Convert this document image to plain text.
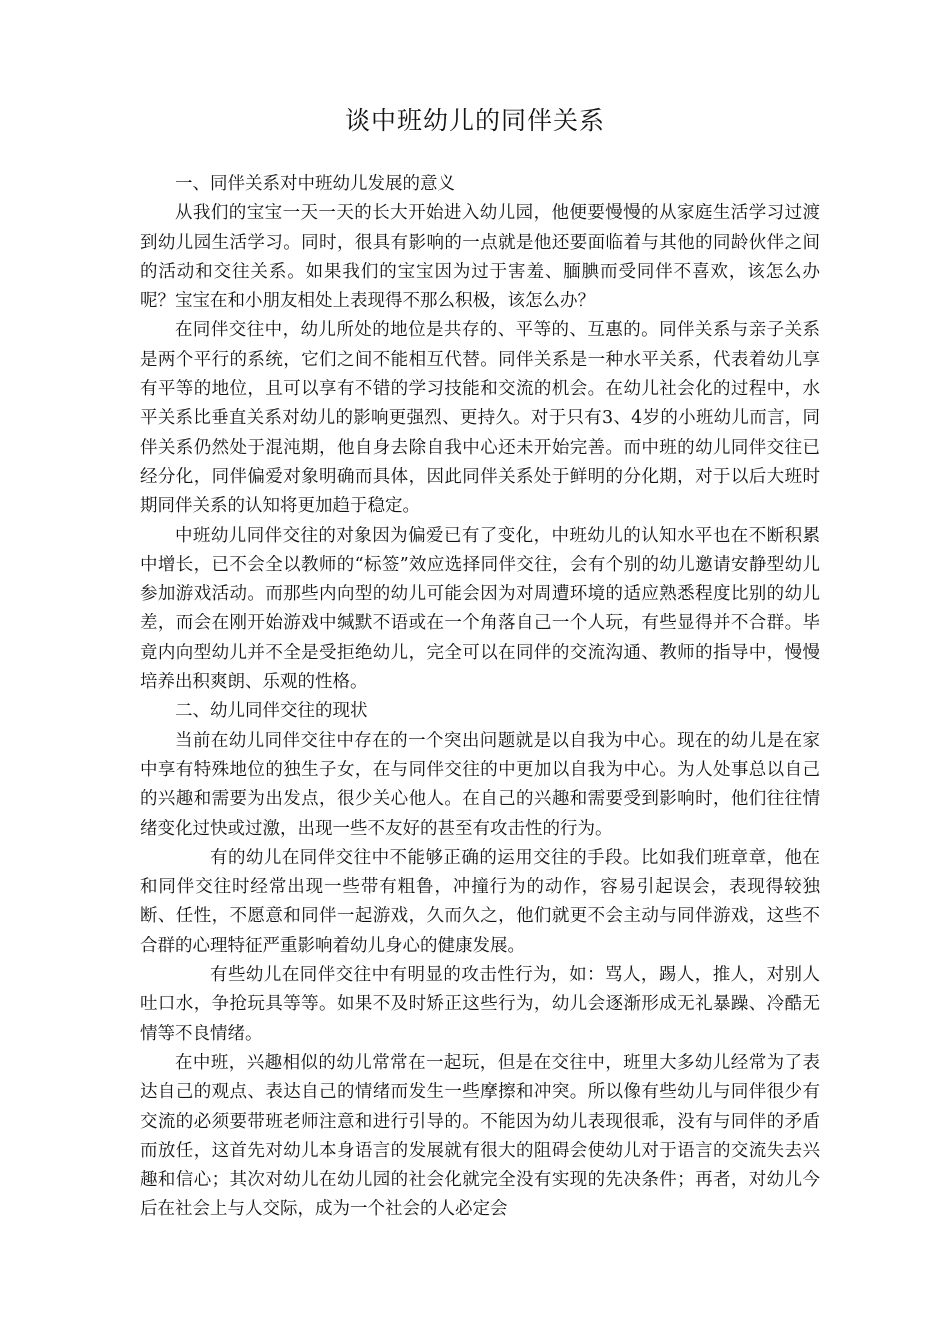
谈中班幼儿的同伴关系

一、同伴关系对中班幼儿发展的意义

从我们的宝宝一天一天的长大开始进入幼儿园，他便要慢慢的从家庭生活学习过渡到幼儿园生活学习。同时，很具有影响的一点就是他还要面临着与其他的同龄伙伴之间的活动和交往关系。如果我们的宝宝因为过于害羞、腼腆而受同伴不喜欢，该怎么办呢？宝宝在和小朋友相处上表现得不那么积极，该怎么办？

在同伴交往中，幼儿所处的地位是共存的、平等的、互惠的。同伴关系与亲子关系是两个平行的系统，它们之间不能相互代替。同伴关系是一种水平关系，代表着幼儿享有平等的地位，且可以享有不错的学习技能和交流的机会。在幼儿社会化的过程中，水平关系比垂直关系对幼儿的影响更强烈、更持久。对于只有3、4岁的小班幼儿而言，同伴关系仍然处于混沌期，他自身去除自我中心还未开始完善。而中班的幼儿同伴交往已经分化，同伴偏爱对象明确而具体，因此同伴关系处于鲜明的分化期，对于以后大班时期同伴关系的认知将更加趋于稳定。

中班幼儿同伴交往的对象因为偏爱已有了变化，中班幼儿的认知水平也在不断积累中增长，已不会全以教师的“标签”效应选择同伴交往，会有个别的幼儿邀请安静型幼儿参加游戏活动。而那些内向型的幼儿可能会因为对周遭环境的适应熟悉程度比别的幼儿差，而会在刚开始游戏中缄默不语或在一个角落自己一个人玩，有些显得并不合群。毕竟内向型幼儿并不全是受拒绝幼儿，完全可以在同伴的交流沟通、教师的指导中，慢慢培养出积爽朗、乐观的性格。

二、幼儿同伴交往的现状

当前在幼儿同伴交往中存在的一个突出问题就是以自我为中心。现在的幼儿是在家中享有特殊地位的独生子女，在与同伴交往的中更加以自我为中心。为人处事总以自己的兴趣和需要为出发点，很少关心他人。在自己的兴趣和需要受到影响时，他们往往情绪变化过快或过激，出现一些不友好的甚至有攻击性的行为。

有的幼儿在同伴交往中不能够正确的运用交往的手段。比如我们班章章，他在和同伴交往时经常出现一些带有粗鲁，冲撞行为的动作，容易引起误会，表现得较独断、任性，不愿意和同伴一起游戏，久而久之，他们就更不会主动与同伴游戏，这些不合群的心理特征严重影响着幼儿身心的健康发展。

有些幼儿在同伴交往中有明显的攻击性行为，如：骂人，踢人，推人，对别人吐口水，争抢玩具等等。如果不及时矫正这些行为，幼儿会逐渐形成无礼暴躁、冷酷无情等不良情绪。

在中班，兴趣相似的幼儿常常在一起玩，但是在交往中，班里大多幼儿经常为了表达自己的观点、表达自己的情绪而发生一些摩擦和冲突。所以像有些幼儿与同伴很少有交流的必须要带班老师注意和进行引导的。不能因为幼儿表现很乖，没有与同伴的矛盾而放任，这首先对幼儿本身语言的发展就有很大的阻碍会使幼儿对于语言的交流失去兴趣和信心；其次对幼儿在幼儿园的社会化就完全没有实现的先决条件；再者，对幼儿今后在社会上与人交际，成为一个社会的人必定会
